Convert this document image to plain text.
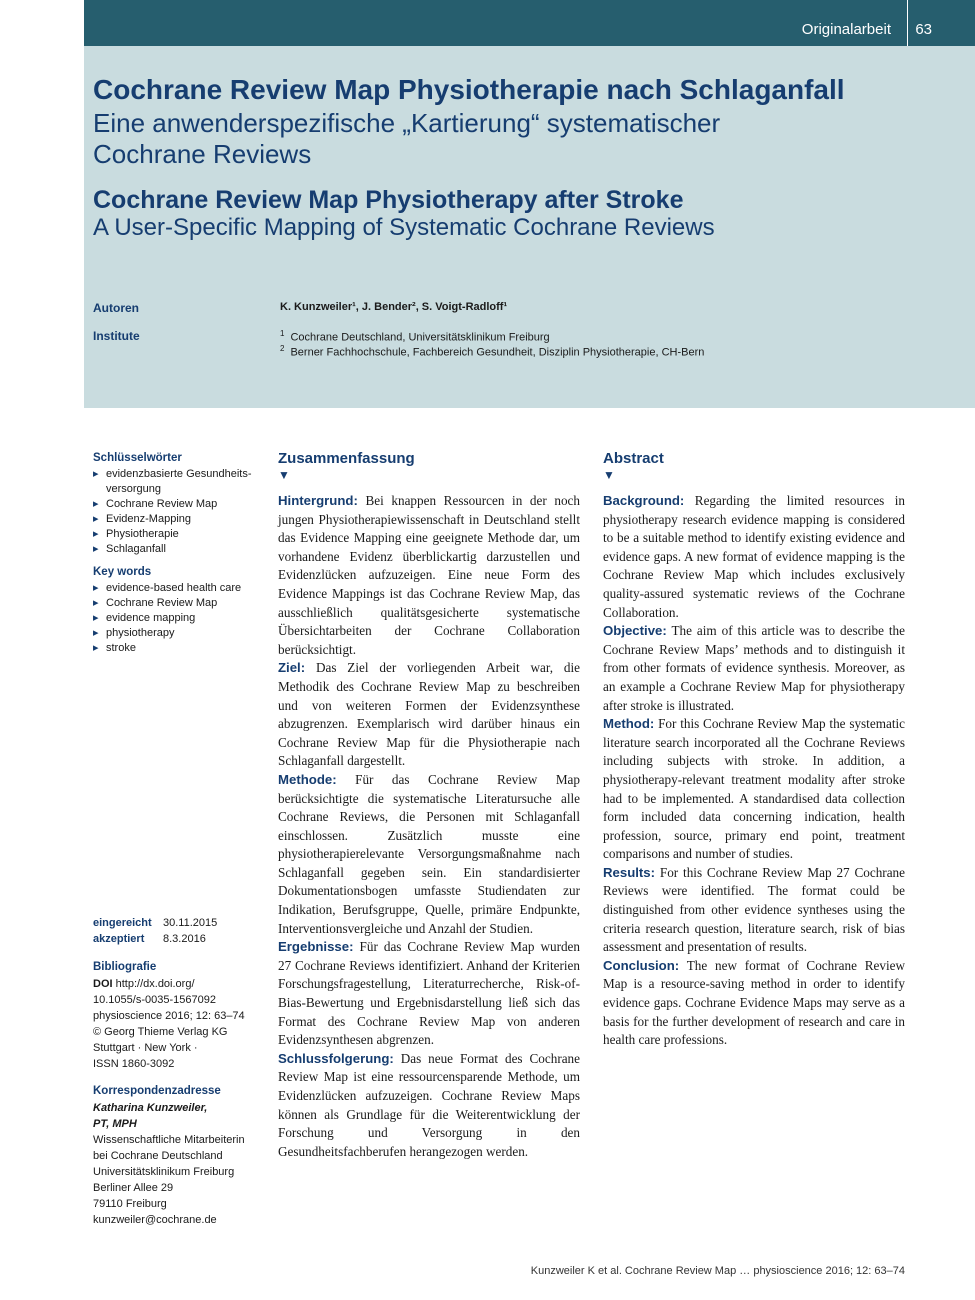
Originalarbeit 63
Cochrane Review Map Physiotherapie nach Schlaganfall
Eine anwenderspezifische „Kartierung“ systematischer
Cochrane Reviews
Cochrane Review Map Physiotherapy after Stroke
A User-Specific Mapping of Systematic Cochrane Reviews
Autoren	K. Kunzweiler¹, J. Bender², S. Voigt-Radloff¹
Institute	$^1$ Cochrane Deutschland, Universitätsklinikum Freiburg
$^2$ Berner Fachhochschule, Fachbereich Gesundheit, Disziplin Physiotherapie, CH-Bern
Schlüsselwörter
▸ evidenzbasierte Gesundheits-versorgung
▸ Cochrane Review Map
▸ Evidenz-Mapping
▸ Physiotherapie
▸ Schlaganfall
Key words
▸ evidence-based health care
▸ Cochrane Review Map
▸ evidence mapping
▸ physiotherapy
▸ stroke
eingereicht 30.11.2015
akzeptiert 8.3.2016
Bibliografie
DOI http://dx.doi.org/
10.1055/s-0035-1567092
physioscience 2016; 12: 63–74
© Georg Thieme Verlag KG
Stuttgart · New York ·
ISSN 1860-3092
Korrespondenzadresse
Katharina Kunzweiler,
PT, MPH
Wissenschaftliche Mitarbeiterin
bei Cochrane Deutschland
Universitätsklinikum Freiburg
Berliner Allee 29
79110 Freiburg
kunzweiler@cochrane.de
Zusammenfassung
▼

Hintergrund: Bei knappen Ressourcen in der noch jungen Physiotherapiewissenschaft in Deutschland stellt das Evidence Mapping eine geeignete Methode dar, um vorhandene Evidenz überblickartig darzustellen und Evidenzlücken aufzuzeigen. Eine neue Form des Evidence Mappings ist das Cochrane Review Map, das ausschließlich qualitätsgesicherte systematische Übersichtarbeiten der Cochrane Collaboration berücksichtigt.

Ziel: Das Ziel der vorliegenden Arbeit war, die Methodik des Cochrane Review Map zu beschreiben und von weiteren Formen der Evidenzsynthese abzugrenzen. Exemplarisch wird darüber hinaus ein Cochrane Review Map für die Physiotherapie nach Schlaganfall dargestellt.

Methode: Für das Cochrane Review Map berücksichtigte die systematische Literatursuche alle Cochrane Reviews, die Personen mit Schlaganfall einschlossen. Zusätzlich musste eine physiotherapierelevante Versorgungsmaßnahme nach Schlaganfall gegeben sein. Ein standardisierter Dokumentationsbogen umfasste Studiendaten zur Indikation, Berufsgruppe, Quelle, primäre Endpunkte, Interventionsvergleiche und Anzahl der Studien.

Ergebnisse: Für das Cochrane Review Map wurden 27 Cochrane Reviews identifiziert. Anhand der Kriterien Forschungsfragestellung, Literaturrecherche, Risk-of-Bias-Bewertung und Ergebnisdarstellung ließ sich das Format des Cochrane Review Map von anderen Evidenzsynthesen abgrenzen.

Schlussfolgerung: Das neue Format des Cochrane Review Map ist eine ressourcensparende Methode, um Evidenzlücken aufzuzeigen. Cochrane Review Maps können als Grundlage für die Weiterentwicklung der Forschung und Versorgung in den Gesundheitsfachberufen herangezogen werden.

Abstract
▼

Background: Regarding the limited resources in physiotherapy research evidence mapping is considered to be a suitable method to identify existing evidence and evidence gaps. A new format of evidence mapping is the Cochrane Review Map which includes exclusively quality-assured systematic reviews of the Cochrane Collaboration.

Objective: The aim of this article was to describe the Cochrane Review Maps’ methods and to distinguish it from other formats of evidence synthesis. Moreover, as an example a Cochrane Review Map for physiotherapy after stroke is illustrated.

Method: For this Cochrane Review Map the systematic literature search incorporated all the Cochrane Reviews including subjects with stroke. In addition, a physiotherapy-relevant treatment modality after stroke had to be implemented. A standardised data collection form included data concerning indication, health profession, source, primary end point, treatment comparisons and number of studies.

Results: For this Cochrane Review Map 27 Cochrane Reviews were identified. The format could be distinguished from other evidence syntheses using the criteria research question, literature search, risk of bias assessment and presentation of results.

Conclusion: The new format of Cochrane Review Map is a resource-saving method in order to identify evidence gaps. Cochrane Evidence Maps may serve as a basis for the further development of research and care in health care professions.

Kunzweiler K et al. Cochrane Review Map … physioscience 2016; 12: 63–74
